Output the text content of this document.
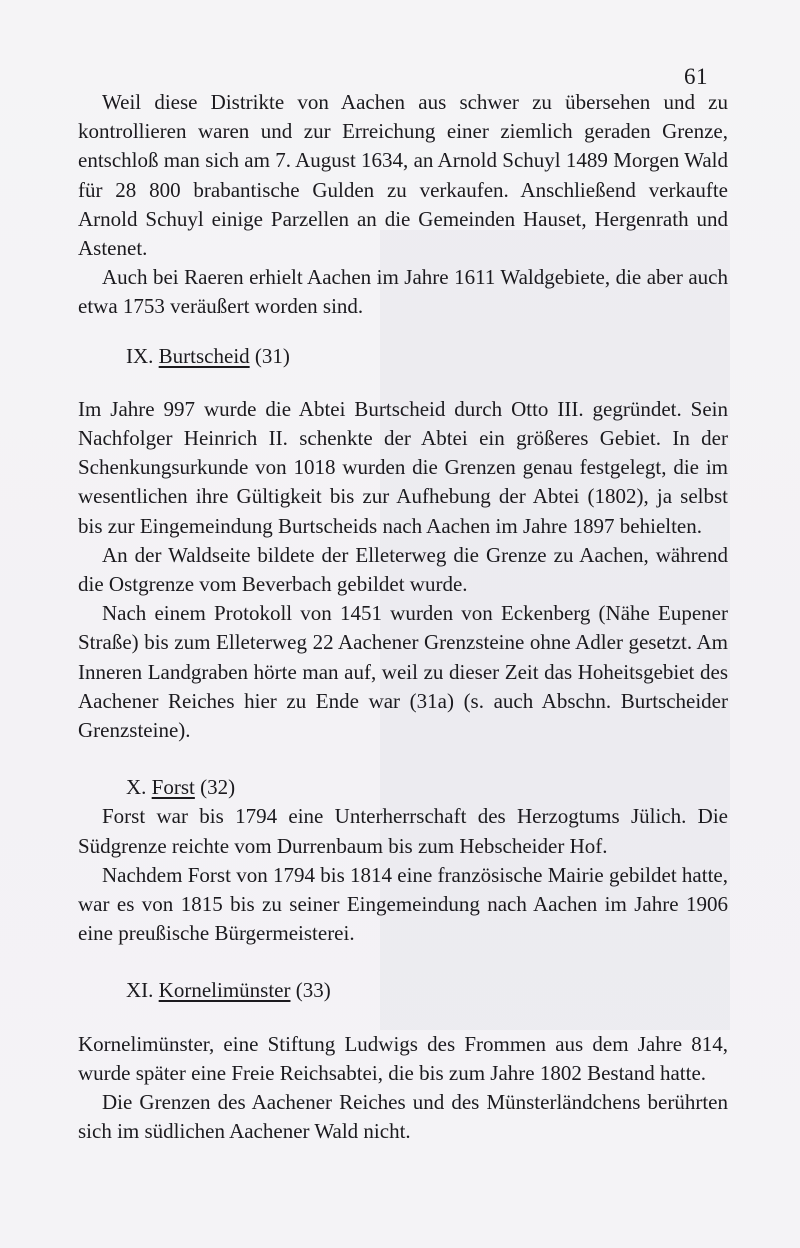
61

Weil diese Distrikte von Aachen aus schwer zu übersehen und zu kontrollieren waren und zur Erreichung einer ziemlich geraden Grenze, entschloß man sich am 7. August 1634, an Arnold Schuyl 1489 Morgen Wald für 28 800 brabantische Gulden zu verkaufen. Anschließend verkaufte Arnold Schuyl einige Parzellen an die Gemeinden Hauset, Hergenrath und Astenet.

Auch bei Raeren erhielt Aachen im Jahre 1611 Waldgebiete, die aber auch etwa 1753 veräußert worden sind.

IX. Burtscheid (31)

Im Jahre 997 wurde die Abtei Burtscheid durch Otto III. gegründet. Sein Nachfolger Heinrich II. schenkte der Abtei ein größeres Gebiet. In der Schenkungsurkunde von 1018 wurden die Grenzen genau festgelegt, die im wesentlichen ihre Gültigkeit bis zur Aufhebung der Abtei (1802), ja selbst bis zur Eingemeindung Burtscheids nach Aachen im Jahre 1897 behielten.

An der Waldseite bildete der Elleterweg die Grenze zu Aachen, während die Ostgrenze vom Beverbach gebildet wurde.

Nach einem Protokoll von 1451 wurden von Eckenberg (Nähe Eupener Straße) bis zum Elleterweg 22 Aachener Grenzsteine ohne Adler gesetzt. Am Inneren Landgraben hörte man auf, weil zu dieser Zeit das Hoheitsgebiet des Aachener Reiches hier zu Ende war (31a) (s. auch Abschn. Burtscheider Grenzsteine).

X. Forst (32)

Forst war bis 1794 eine Unterherrschaft des Herzogtums Jülich. Die Südgrenze reichte vom Durrenbaum bis zum Hebscheider Hof.

Nachdem Forst von 1794 bis 1814 eine französische Mairie gebildet hatte, war es von 1815 bis zu seiner Eingemeindung nach Aachen im Jahre 1906 eine preußische Bürgermeisterei.

XI. Kornelimünster (33)

Kornelimünster, eine Stiftung Ludwigs des Frommen aus dem Jahre 814, wurde später eine Freie Reichsabtei, die bis zum Jahre 1802 Bestand hatte.

Die Grenzen des Aachener Reiches und des Münsterländchens berührten sich im südlichen Aachener Wald nicht.
